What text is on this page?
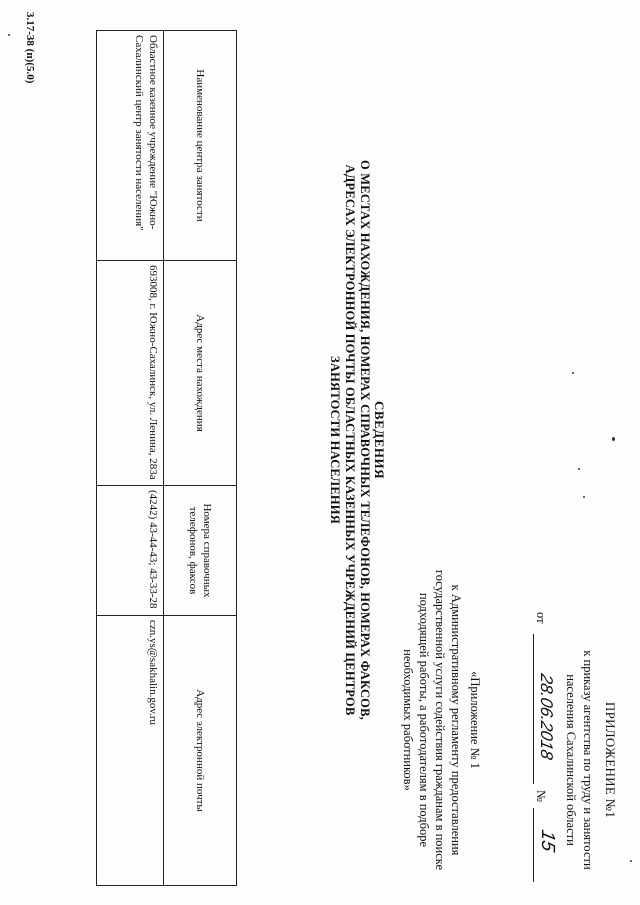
ПРИЛОЖЕНИЕ №1
к приказу агентства по труду и занятости населения Сахалинской области
от
28.06.2018
№
15
«Приложение № 1
к Административному регламенту предоставления государственной услуги содействия гражданам в поиске подходящей работы, а работодателям в подборе необходимых работников»
СВЕДЕНИЯ
О МЕСТАХ НАХОЖДЕНИЯ, НОМЕРАХ СПРАВОЧНЫХ ТЕЛЕФОНОВ, НОМЕРАХ ФАКСОВ, АДРЕСАХ ЭЛЕКТРОННОЙ ПОЧТЫ ОБЛАСТНЫХ КАЗЕННЫХ УЧРЕЖДЕНИЙ ЦЕНТРОВ ЗАНЯТОСТИ НАСЕЛЕНИЯ
Наименование центра занятости	Адрес места нахождения	Номера справочных телефонов, факсов	Адрес электронной почты
Областное казенное учреждение "Южно-Сахалинский центр занятости населения"	693008, г. Южно-Сахалинск, ул. Ленина, 283а	(4242) 43-44-43; 43-33-28	czn.ys@sakhalin.gov.ru
3.17-38 (п)(5.0)
